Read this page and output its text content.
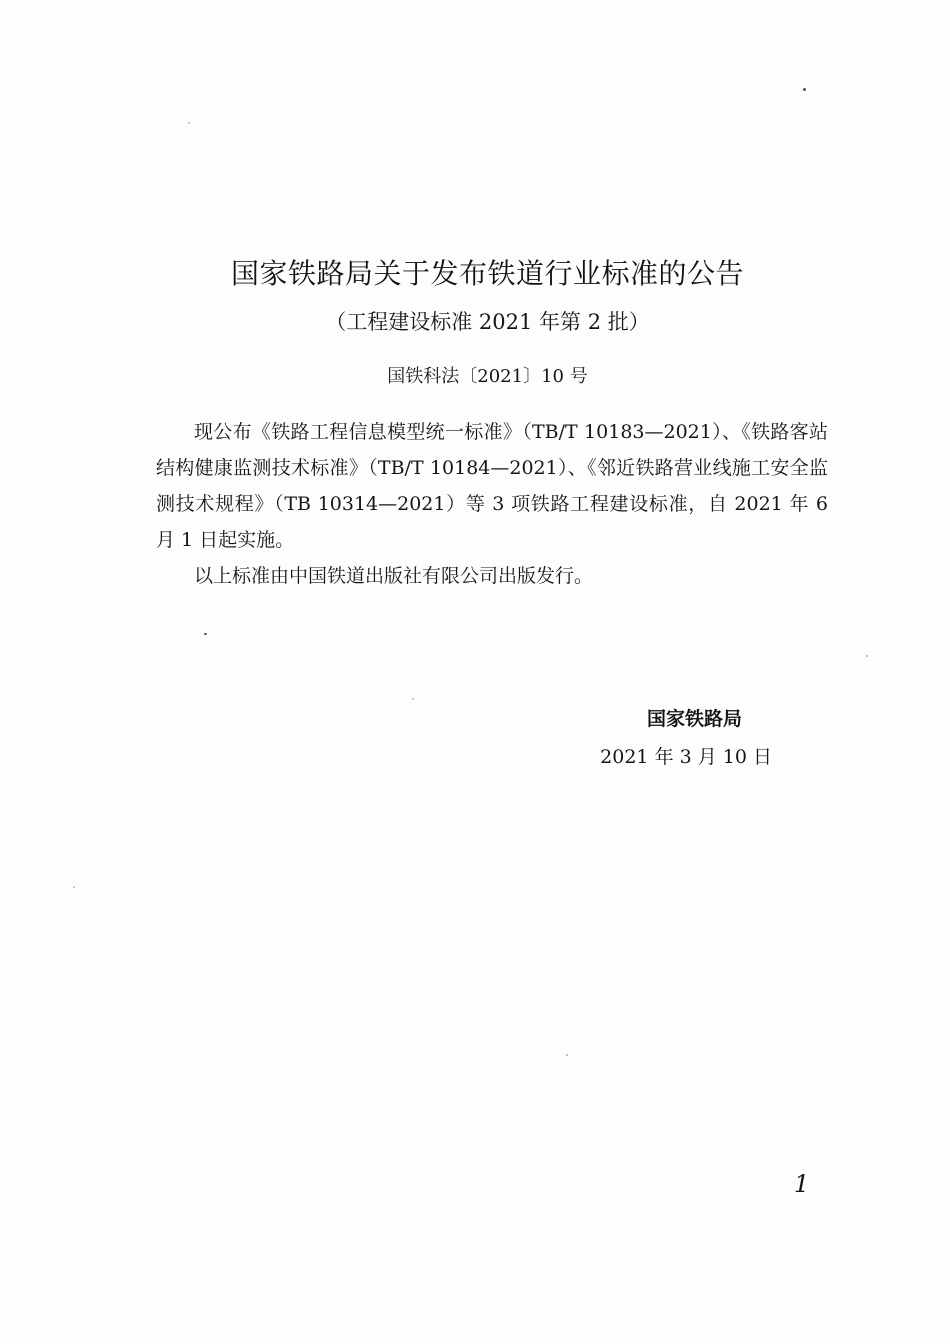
国家铁路局关于发布铁道行业标准的公告
（工程建设标准 2021 年第 2 批）
国铁科法〔2021〕10 号

现公布《铁路工程信息模型统一标准》（TB/T 10183—2021）、《铁路客站结构健康监测技术标准》（TB/T 10184—2021）、《邻近铁路营业线施工安全监测技术规程》（TB 10314—2021）等 3 项铁路工程建设标准，自 2021 年 6 月 1 日起实施。

以上标准由中国铁道出版社有限公司出版发行。

国家铁路局
2021 年 3 月 10 日
1
